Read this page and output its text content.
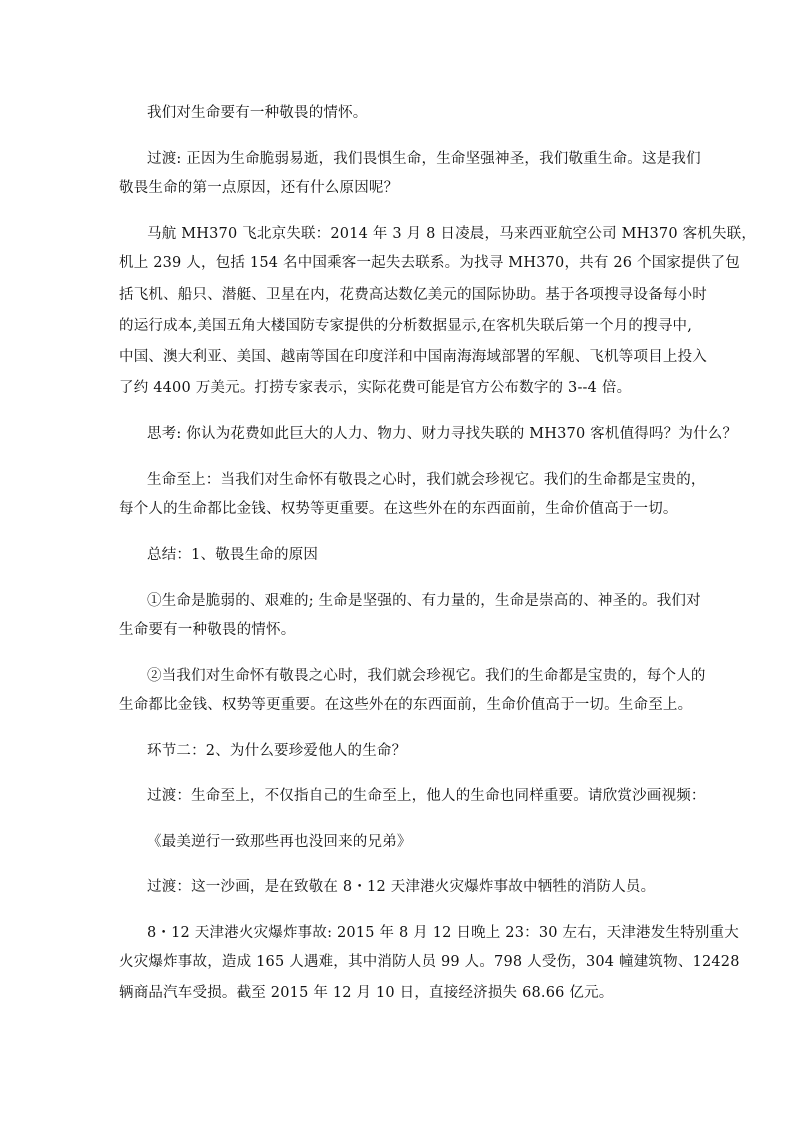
我们对生命要有一种敬畏的情怀。
过渡: 正因为生命脆弱易逝，我们畏惧生命，生命坚强神圣，我们敬重生命。这是我们
敬畏生命的第一点原因，还有什么原因呢？
马航 MH370 飞北京失联：2014 年 3 月 8 日凌晨，马来西亚航空公司 MH370 客机失联，
机上 239 人，包括 154 名中国乘客一起失去联系。为找寻 MH370，共有 26 个国家提供了包
括飞机、船只、潜艇、卫星在内，花费高达数亿美元的国际协助。基于各项搜寻设备每小时
的运行成本,美国五角大楼国防专家提供的分析数据显示,在客机失联后第一个月的搜寻中,
中国、澳大利亚、美国、越南等国在印度洋和中国南海海域部署的军舰、飞机等项目上投入
了约 4400 万美元。打捞专家表示，实际花费可能是官方公布数字的 3--4 倍。
思考: 你认为花费如此巨大的人力、物力、财力寻找失联的 MH370 客机值得吗？为什么？
生命至上：当我们对生命怀有敬畏之心时，我们就会珍视它。我们的生命都是宝贵的，
每个人的生命都比金钱、权势等更重要。在这些外在的东西面前，生命价值高于一切。
总结：1、敬畏生命的原因
①生命是脆弱的、艰难的; 生命是坚强的、有力量的，生命是崇高的、神圣的。我们对
生命要有一种敬畏的情怀。
②当我们对生命怀有敬畏之心时，我们就会珍视它。我们的生命都是宝贵的，每个人的
生命都比金钱、权势等更重要。在这些外在的东西面前，生命价值高于一切。生命至上。
环节二：2、为什么要珍爱他人的生命？
过渡：生命至上，不仅指自己的生命至上，他人的生命也同样重要。请欣赏沙画视频：
《最美逆行一致那些再也没回来的兄弟》
过渡：这一沙画，是在致敬在 8・12 天津港火灾爆炸事故中牺牲的消防人员。
8・12 天津港火灾爆炸事故: 2015 年 8 月 12 日晚上 23：30 左右，天津港发生特别重大
火灾爆炸事故，造成 165 人遇难，其中消防人员 99 人。798 人受伤，304 幢建筑物、12428
辆商品汽车受损。截至 2015 年 12 月 10 日，直接经济损失 68.66 亿元。
